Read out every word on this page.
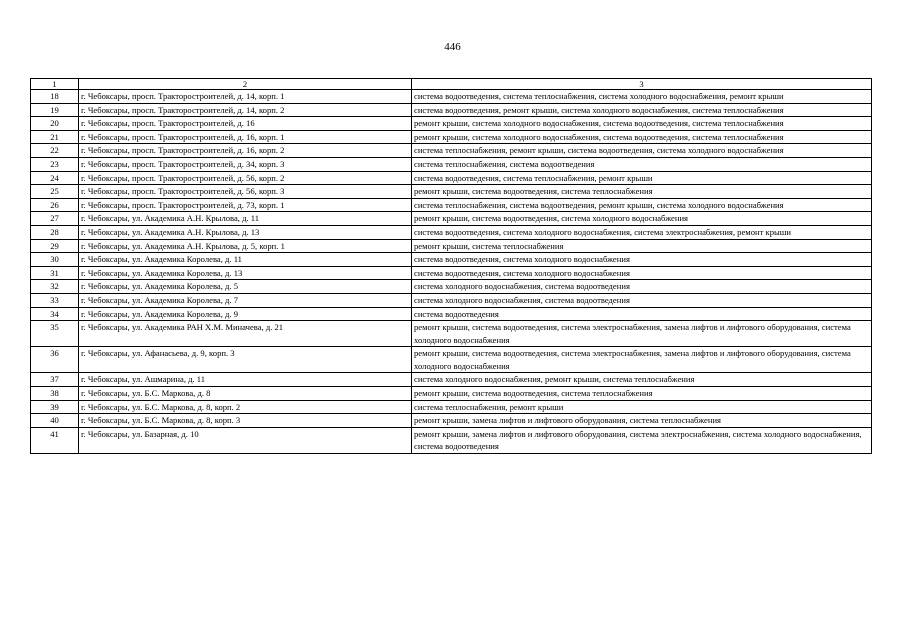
446
1	2	3
18	г. Чебоксары, просп. Тракторостроителей, д. 14, корп. 1	система водоотведения, система теплоснабжения, система холодного водоснабжения, ремонт крыши
19	г. Чебоксары, просп. Тракторостроителей, д. 14, корп. 2	система водоотведения, ремонт крыши, система холодного водоснабжения, система теплоснабжения
20	г. Чебоксары, просп. Тракторостроителей, д. 16	ремонт крыши, система холодного водоснабжения, система водоотведения, система теплоснабжения
21	г. Чебоксары, просп. Тракторостроителей, д. 16, корп. 1	ремонт крыши, система холодного водоснабжения, система водоотведения, система теплоснабжения
22	г. Чебоксары, просп. Тракторостроителей, д. 16, корп. 2	система теплоснабжения, ремонт крыши, система водоотведения, система холодного водоснабжения
23	г. Чебоксары, просп. Тракторостроителей, д. 34, корп. 3	система теплоснабжения, система водоотведения
24	г. Чебоксары, просп. Тракторостроителей, д. 56, корп. 2	система водоотведения, система теплоснабжения, ремонт крыши
25	г. Чебоксары, просп. Тракторостроителей, д. 56, корп. 3	ремонт крыши, система водоотведения, система теплоснабжения
26	г. Чебоксары, просп. Тракторостроителей, д. 73, корп. 1	система теплоснабжения, система водоотведения, ремонт крыши, система холодного водоснабжения
27	г. Чебоксары, ул. Академика А.Н. Крылова, д. 11	ремонт крыши, система водоотведения, система холодного водоснабжения
28	г. Чебоксары, ул. Академика А.Н. Крылова, д. 13	система водоотведения, система холодного водоснабжения, система электроснабжения, ремонт крыши
29	г. Чебоксары, ул. Академика А.Н. Крылова, д. 5, корп. 1	ремонт крыши, система теплоснабжения
30	г. Чебоксары, ул. Академика Королева, д. 11	система водоотведения, система холодного водоснабжения
31	г. Чебоксары, ул. Академика Королева, д. 13	система водоотведения, система холодного водоснабжения
32	г. Чебоксары, ул. Академика Королева, д. 5	система холодного водоснабжения, система водоотведения
33	г. Чебоксары, ул. Академика Королева, д. 7	система холодного водоснабжения, система водоотведения
34	г. Чебоксары, ул. Академика Королева, д. 9	система водоотведения
35	г. Чебоксары, ул. Академика РАН Х.М. Миначева, д. 21	ремонт крыши, система водоотведения, система электроснабжения, замена лифтов и лифтового оборудования, система холодного водоснабжения
36	г. Чебоксары, ул. Афанасьева, д. 9, корп. 3	ремонт крыши, система водоотведения, система электроснабжения, замена лифтов и лифтового оборудования, система холодного водоснабжения
37	г. Чебоксары, ул. Ашмарина, д. 11	система холодного водоснабжения, ремонт крыши, система теплоснабжения
38	г. Чебоксары, ул. Б.С. Маркова, д. 8	ремонт крыши, система водоотведения, система теплоснабжения
39	г. Чебоксары, ул. Б.С. Маркова, д. 8, корп. 2	система теплоснабжения, ремонт крыши
40	г. Чебоксары, ул. Б.С. Маркова, д. 8, корп. 3	ремонт крыши, замена лифтов и лифтового оборудования, система теплоснабжения
41	г. Чебоксары, ул. Базарная, д. 10	ремонт крыши, замена лифтов и лифтового оборудования, система электроснабжения, система холодного водоснабжения, система водоотведения
